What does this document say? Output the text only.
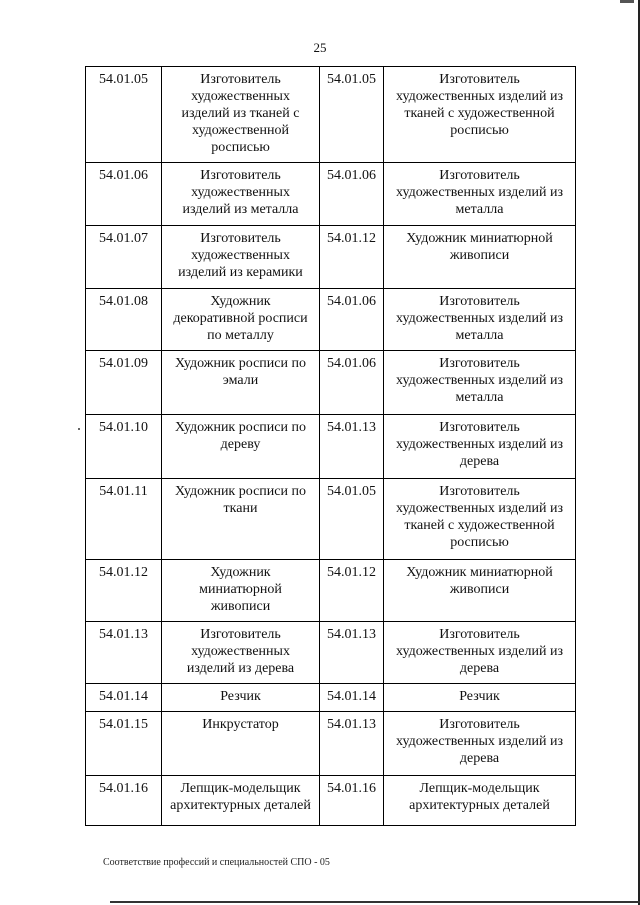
25
54.01.05	Изготовитель художественных изделий из тканей с художественной росписью	54.01.05	Изготовитель художественных изделий из тканей с художественной росписью
54.01.06	Изготовитель художественных изделий из металла	54.01.06	Изготовитель художественных изделий из металла
54.01.07	Изготовитель художественных изделий из керамики	54.01.12	Художник миниатюрной живописи
54.01.08	Художник декоративной росписи по металлу	54.01.06	Изготовитель художественных изделий из металла
54.01.09	Художник росписи по эмали	54.01.06	Изготовитель художественных изделий из металла
54.01.10	Художник росписи по дереву	54.01.13	Изготовитель художественных изделий из дерева
54.01.11	Художник росписи по ткани	54.01.05	Изготовитель художественных изделий из тканей с художественной росписью
54.01.12	Художник миниатюрной живописи	54.01.12	Художник миниатюрной живописи
54.01.13	Изготовитель художественных изделий из дерева	54.01.13	Изготовитель художественных изделий из дерева
54.01.14	Резчик	54.01.14	Резчик
54.01.15	Инкрустатор	54.01.13	Изготовитель художественных изделий из дерева
54.01.16	Лепщик-модельщик архитектурных деталей	54.01.16	Лепщик-модельщик архитектурных деталей
Соответствие профессий и специальностей СПО - 05
